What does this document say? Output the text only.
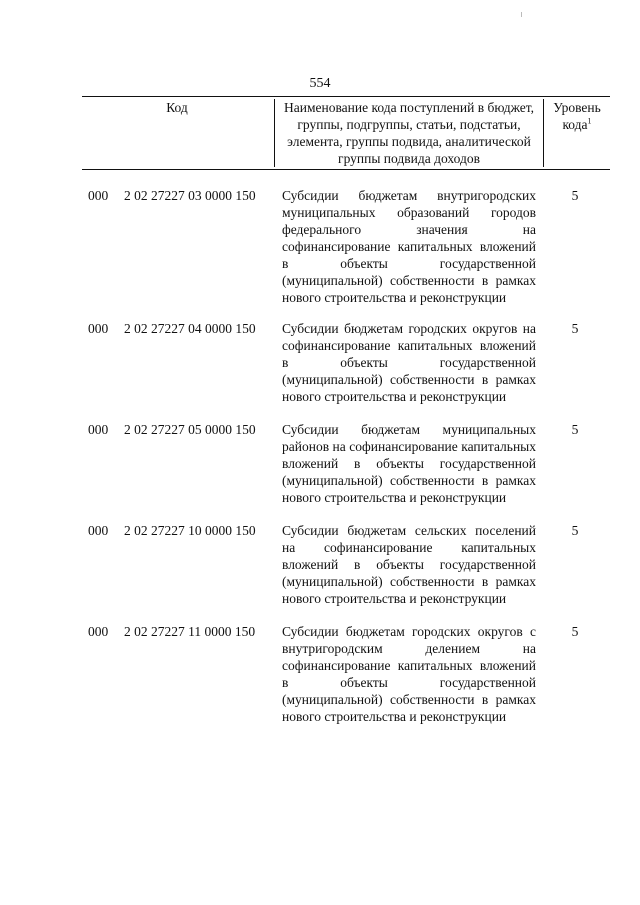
554
Код	Наименование кода поступлений в бюджет, группы, подгруппы, статьи, подстатьи, элемента, группы подвида, аналитической группы подвида доходов
Уровень кода$^1$
000 2 02 27227 03 0000 150 Субсидии бюджетам внутригородских муниципальных образований городов федерального значения на софинансирование капитальных вложений в объекты государственной (муниципальной) собственности в рамках нового строительства и реконструкции
5
000 2 02 27227 04 0000 150 Субсидии бюджетам городских округов на софинансирование капитальных вложений в объекты государственной (муниципальной) собственности в рамках нового строительства и реконструкции
5
000 2 02 27227 05 0000 150 Субсидии бюджетам муниципальных районов на софинансирование капитальных вложений в объекты государственной (муниципальной) собственности в рамках нового строительства и реконструкции
5
000 2 02 27227 10 0000 150 Субсидии бюджетам сельских поселений на софинансирование капитальных вложений в объекты государственной (муниципальной) собственности в рамках нового строительства и реконструкции
5
000 2 02 27227 11 0000 150 Субсидии бюджетам городских округов с внутригородским делением на софинансирование капитальных вложений в объекты государственной (муниципальной) собственности в рамках нового строительства и реконструкции
5
